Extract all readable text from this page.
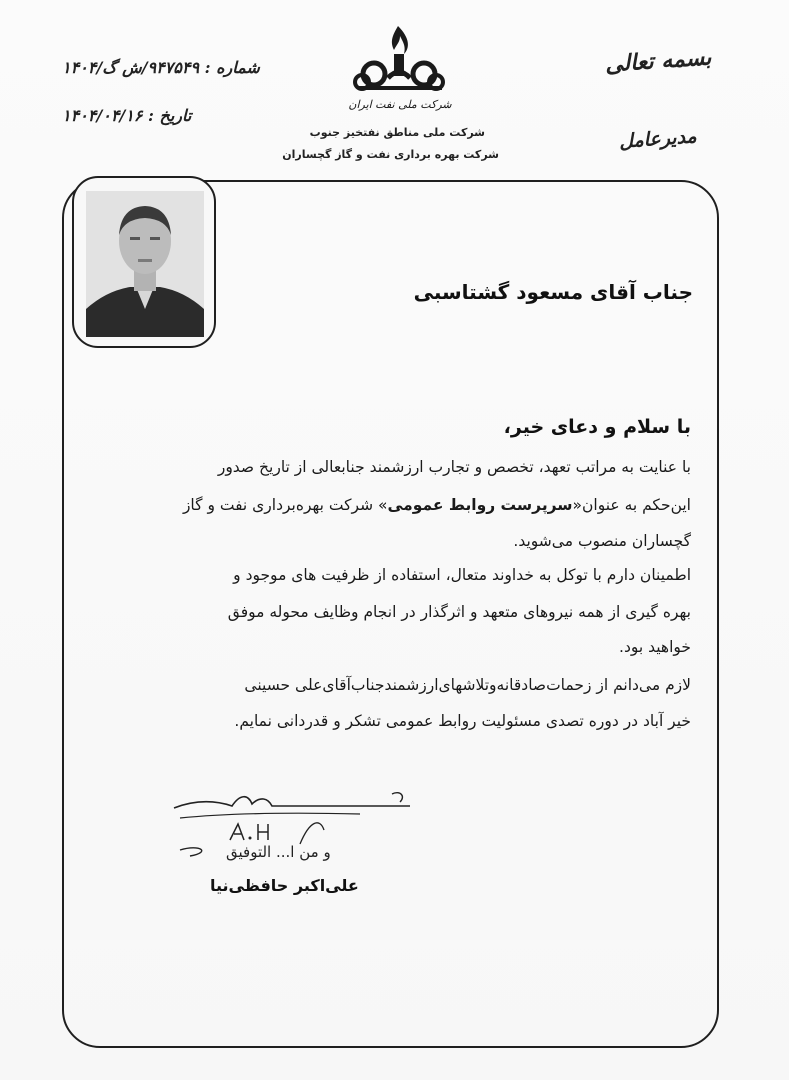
بسمه تعالی
مدیرعامل
شماره : ۹۴۷۵۴۹/ش گ/۱۴۰۴
تاریخ : ۱۴۰۴/۰۴/۱۶
شرکت ملی نفت ایران
شرکت ملی مناطق نفتخیز جنوب
شرکت بهره برداری نفت و گاز گچساران
جناب آقای مسعود گشتاسبی
با سلام و دعای خیر،
با عنایت به مراتب تعهد، تخصص و تجارب ارزشمند جنابعالی از تاریخ صدور
این‌حکم به عنوان«سرپرست روابط عمومی» شرکت بهره‌برداری نفت و گاز
گچساران منصوب می‌شوید.
اطمینان دارم با توکل به خداوند متعال، استفاده از ظرفیت های موجود و
بهره گیری از همه نیروهای متعهد و اثرگذار در انجام وظایف محوله موفق
خواهید بود.
لازم می‌دانم از زحمات‌صادقانه‌وتلاشهای‌ارزشمندجناب‌آقای‌علی حسینی
خیر آباد در دوره تصدی مسئولیت روابط عمومی تشکر و قدردانی نمایم.
و من ا... التوفیق
علی‌اکبر حافظی‌نیا
